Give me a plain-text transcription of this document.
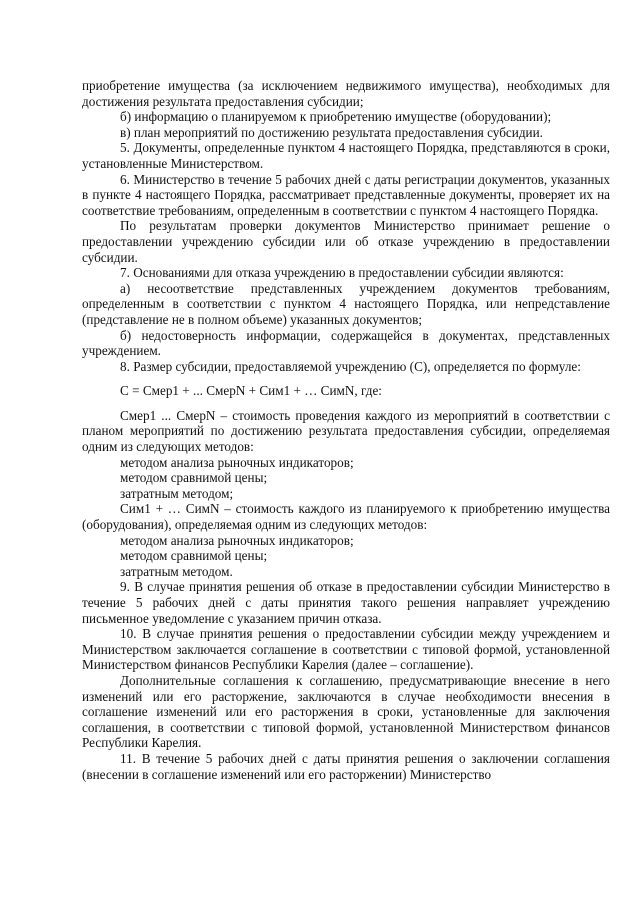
приобретение имущества (за исключением недвижимого имущества), необходимых для достижения результата предоставления субсидии;

б) информацию о планируемом к приобретению имуществе (оборудовании);

в) план мероприятий по достижению результата предоставления субсидии.

5. Документы, определенные пунктом 4 настоящего Порядка, представляются в сроки, установленные Министерством.

6. Министерство в течение 5 рабочих дней с даты регистрации документов, указанных в пункте 4 настоящего Порядка, рассматривает представленные документы, проверяет их на соответствие требованиям, определенным в соответствии с пунктом 4 настоящего Порядка.

По результатам проверки документов Министерство принимает решение о предоставлении учреждению субсидии или об отказе учреждению в предоставлении субсидии.

7. Основаниями для отказа учреждению в предоставлении субсидии являются:

а) несоответствие представленных учреждением документов требованиям, определенным в соответствии с пунктом 4 настоящего Порядка, или непредставление (представление не в полном объеме) указанных документов;

б) недостоверность информации, содержащейся в документах, представленных учреждением.

8. Размер субсидии, предоставляемой учреждению (С), определяется по формуле:

С = Смер1 + ... СмерN + Сим1 + … СимN, где:

Смер1 ... СмерN – стоимость проведения каждого из мероприятий в соответствии с планом мероприятий по достижению результата предоставления субсидии, определяемая одним из следующих методов:

методом анализа рыночных индикаторов;

методом сравнимой цены;

затратным методом;

Сим1 + … СимN – стоимость каждого из планируемого к приобретению имущества (оборудования), определяемая одним из следующих методов:

методом анализа рыночных индикаторов;

методом сравнимой цены;

затратным методом.

9. В случае принятия решения об отказе в предоставлении субсидии Министерство в течение 5 рабочих дней с даты принятия такого решения направляет учреждению письменное уведомление с указанием причин отказа.

10. В случае принятия решения о предоставлении субсидии между учреждением и Министерством заключается соглашение в соответствии с типовой формой, установленной Министерством финансов Республики Карелия (далее – соглашение).

Дополнительные соглашения к соглашению, предусматривающие внесение в него изменений или его расторжение, заключаются в случае необходимости внесения в соглашение изменений или его расторжения в сроки, установленные для заключения соглашения, в соответствии с типовой формой, установленной Министерством финансов Республики Карелия.

11. В течение 5 рабочих дней с даты принятия решения о заключении соглашения (внесении в соглашение изменений или его расторжении) Министерство
